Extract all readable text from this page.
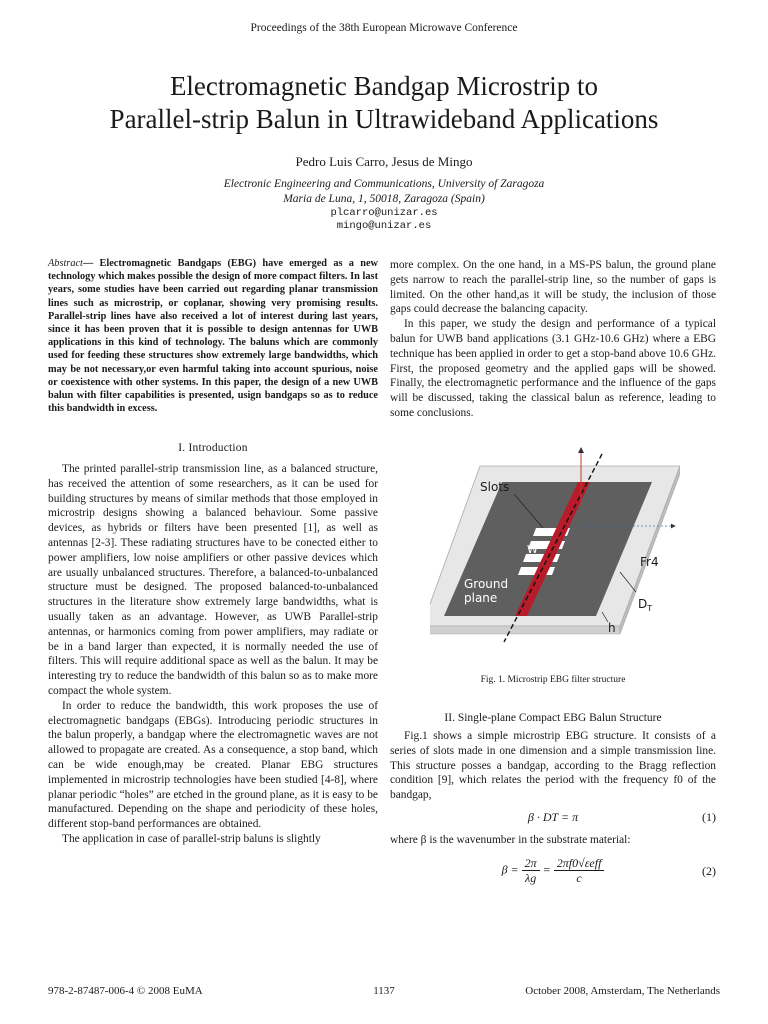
Proceedings of the 38th European Microwave Conference
Electromagnetic Bandgap Microstrip to
Parallel-strip Balun in Ultrawideband Applications
Pedro Luis Carro, Jesus de Mingo
Electronic Engineering and Communications, University of Zaragoza
Maria de Luna, 1, 50018, Zaragoza (Spain)
plcarro@unizar.es
mingo@unizar.es
Abstract— Electromagnetic Bandgaps (EBG) have emerged as a new technology which makes possible the design of more compact filters. In last years, some studies have been carried out regarding planar transmission lines such as microstrip, or coplanar, showing very promising results. Parallel-strip lines have also received a lot of interest during last years, since it has been proven that it is possible to design antennas for UWB applications in this kind of technology. The baluns which are commonly used for feeding these structures show extremely large bandwidths, which may be not necessary,or even harmful taking into account spurious, noise or coexistence with other systems. In this paper, the design of a new UWB balun with filter capabilities is presented, usign bandgaps so as to reduce this bandwidth in excess.
I. Introduction

The printed parallel-strip transmission line, as a balanced structure, has received the attention of some researchers, as it can be used for building structures by means of similar methods that those employed in microstrip designs showing a balanced behaviour. Some passive devices, as hybrids or filters have been presented [1], as well as antennas [2-3]. These radiating structures have to be conected either to power amplifiers, low noise amplifiers or other passive devices which are usually unbalanced structures. Therefore, a balanced-to-unbalanced structure must be designed. The proposed balanced-to-unbalanced structures in the literature show extremely large bandwidths, what is usually taken as an advantage. However, as UWB Parallel-strip antennas, or harmonics coming from power amplifiers, may radiate or be in a band larger than expected, it is normally needed the use of filters. This will require additional space as well as the balun. It may be interesting try to reduce the bandwidth of this balun so as to make more compact the whole system.

In order to reduce the bandwidth, this work proposes the use of electromagnetic bandgaps (EBGs). Introducing periodic structures in the balun properly, a bandgap where the electromagnetic waves are not allowed to propagate are created. As a consequence, a stop band, which can be wide enough,may be created. Planar EBG structures implemented in microstrip technologies have been studied [4-8], where planar periodic “holes” are etched in the ground plane, as it is easy to be manufactured. Depending on the shape and periodicity of these holes, different stop-band performances are obtained.

The application in case of parallel-strip baluns is slightly

more complex. On the one hand, in a MS-PS balun, the ground plane gets narrow to reach the parallel-strip line, so the number of gaps is limited. On the other hand,as it will be study, the inclusion of those gaps could decrease the balancing capacity.

In this paper, we study the design and performance of a typical balun for UWB band applications (3.1 GHz-10.6 GHz) where a EBG technique has been applied in order to get a stop-band above 10.6 GHz. First, the proposed geometry and the applied gaps will be showed. Finally, the electromagnetic performance and the influence of the gaps will be discussed, taking the classical balun as reference, leading to some conclusions.

Slots
W
Fr4
Ground
plane	$D_T$
h
Fig. 1. Microstrip EBG filter structure
II. Single-plane Compact EBG Balun Structure

Fig.1 shows a simple microstrip EBG structure. It consists of a series of slots made in one dimension and a simple transmission line. This structure posses a bandgap, according to the Bragg reflection condition [9], which relates the period with the frequency f0 of the bandgap,

β · DT = π	(1)
where β is the wavenumber in the substrate material:
$\beta = \frac{2\pi}{\lambda g} = \frac{\text{2πf0√εeff}}{c}$	(2)
978-2-87487-006-4 © 2008 EuMA	1137	October 2008, Amsterdam, The Netherlands
